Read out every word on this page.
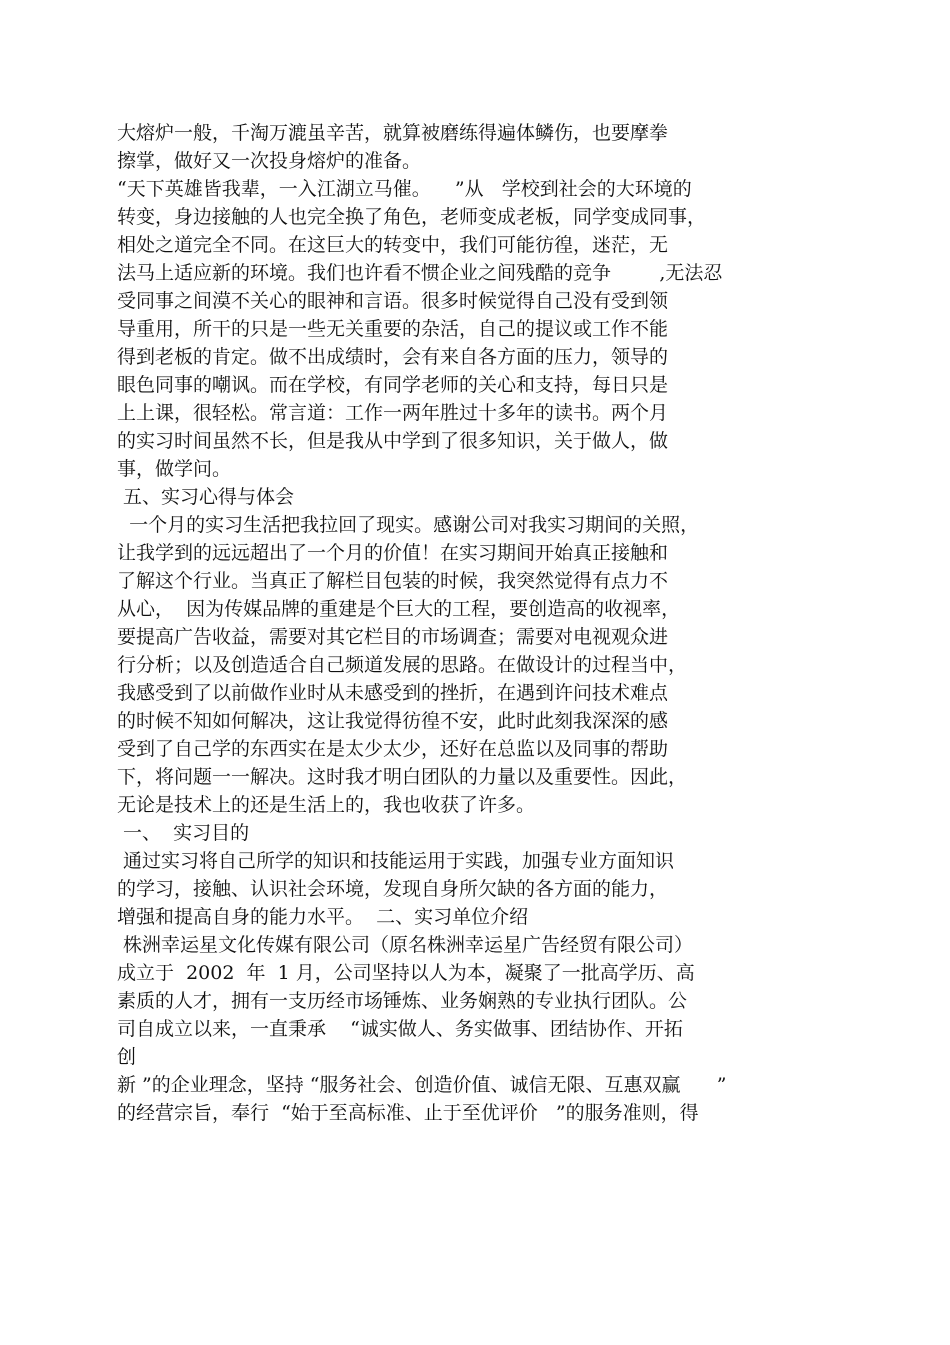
大熔炉一般，千淘万漉虽辛苦，就算被磨练得遍体鳞伤，也要摩拳
擦掌，做好又一次投身熔炉的准备。
“天下英雄皆我辈，一入江湖立马催。    ”从   学校到社会的大环境的
转变，身边接触的人也完全换了角色，老师变成老板，同学变成同事，
相处之道完全不同。在这巨大的转变中，我们可能彷徨，迷茫，无
法马上适应新的环境。我们也许看不惯企业之间残酷的竞争        ,无法忍
受同事之间漠不关心的眼神和言语。很多时候觉得自己没有受到领
导重用，所干的只是一些无关重要的杂活，自己的提议或工作不能
得到老板的肯定。做不出成绩时，会有来自各方面的压力，领导的
眼色同事的嘲讽。而在学校，有同学老师的关心和支持，每日只是
上上课，很轻松。常言道：工作一两年胜过十多年的读书。两个月
的实习时间虽然不长，但是我从中学到了很多知识，关于做人，做
事，做学问。
五、实习心得与体会
一个月的实习生活把我拉回了现实。感谢公司对我实习期间的关照，
让我学到的远远超出了一个月的价值！在实习期间开始真正接触和
了解这个行业。当真正了解栏目包装的时候，我突然觉得有点力不
从心，  因为传媒品牌的重建是个巨大的工程，要创造高的收视率，
要提高广告收益，需要对其它栏目的市场调查；需要对电视观众进
行分析；以及创造适合自己频道发展的思路。在做设计的过程当中，
我感受到了以前做作业时从未感受到的挫折，在遇到许问技术难点
的时候不知如何解决，这让我觉得彷徨不安，此时此刻我深深的感
受到了自己学的东西实在是太少太少，还好在总监以及同事的帮助
下，将问题一一解决。这时我才明白团队的力量以及重要性。因此，
无论是技术上的还是生活上的，我也收获了许多。
一、  实习目的
通过实习将自己所学的知识和技能运用于实践，加强专业方面知识
的学习，接触、认识社会环境，发现自身所欠缺的各方面的能力，
增强和提高自身的能力水平。  二、实习单位介绍
株洲幸运星文化传媒有限公司（原名株洲幸运星广告经贸有限公司）
成立于  2002  年  1 月，公司坚持以人为本，凝聚了一批高学历、高
素质的人才，拥有一支历经市场锤炼、业务娴熟的专业执行团队。公
司自成立以来，一直秉承    “诚实做人、务实做事、团结协作、开拓
创
新 ”的企业理念，坚持 “服务社会、创造价值、诚信无限、互惠双赢      ”
的经营宗旨，奉行  “始于至高标准、止于至优评价   ”的服务准则，得
